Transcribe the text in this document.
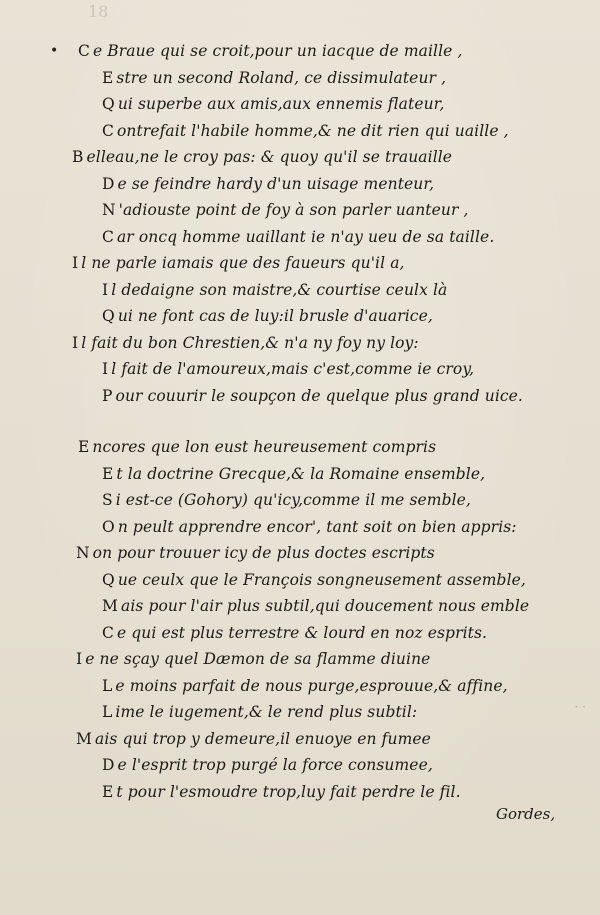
18
• C e Braue qui se croit,pour un iacque de maille ,
E stre un second Roland, ce dissimulateur ,
Q ui superbe aux amis,aux ennemis flateur,
C ontrefait l'habile homme,& ne dit rien qui uaille ,
B elleau,ne le croy pas: & quoy qu'il se trauaille
D e se feindre hardy d'un uisage menteur,
N 'adiouste point de foy à son parler uanteur ,
C ar oncq homme uaillant ie n'ay ueu de sa taille.
I l ne parle iamais que des faueurs qu'il a,
I l dedaigne son maistre,& courtise ceulx là
Q ui ne font cas de luy:il brusle d'auarice,
I l fait du bon Chrestien,& n'a ny foy ny loy:
I l fait de l'amoureux,mais c'est,comme ie croy,
P our couurir le soupçon de quelque plus grand uice.
E ncores que lon eust heureusement compris
E t la doctrine Grecque,& la Romaine ensemble,
S i est-ce (Gohory) qu'icy,comme il me semble,
O n peult apprendre encor', tant soit on bien appris:
N on pour trouuer icy de plus doctes escripts
Q ue ceulx que le François songneusement assemble,
M ais pour l'air plus subtil,qui doucement nous emble
C e qui est plus terrestre & lourd en noz esprits.
I e ne sçay quel Dæmon de sa flamme diuine
L e moins parfait de nous purge,esprouue,& affine,
L ime le iugement,& le rend plus subtil:
M ais qui trop y demeure,il enuoye en fumee
D e l'esprit trop purgé la force consumee,
E t pour l'esmoudre trop,luy fait perdre le fil.
Gordes,
· ·
